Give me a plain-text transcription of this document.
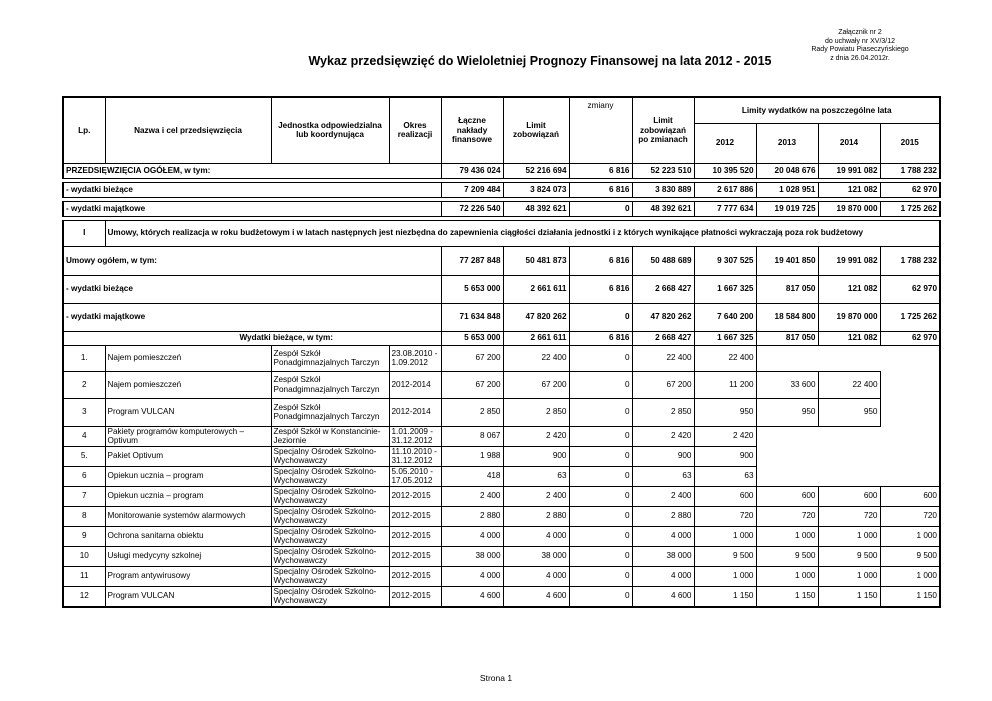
Załącznik nr 2
do uchwały nr XV/3/12
Rady Powiatu Piaseczyńskiego
z dnia 26.04.2012r.
Wykaz przedsięwzięć do Wieloletniej Prognozy Finansowej na lata 2012 - 2015
Lp.	Nazwa i cel przedsięwzięcia	Jednostka odpowiedzialna lub koordynująca	Okres realizacji	Łączne nakłady finansowe	Limit zobowiązań	zmiany	Limit zobowiązań po zmianach	Limity wydatków na poszczególne lata			
								2012	2013	2014	2015
PRZEDSIĘWZIĘCIA OGÓŁEM, w tym:				79 436 024	52 216 694	6 816	52 223 510	10 395 520	20 048 676	19 991 082	1 788 232

- wydatki bieżące				7 209 484	3 824 073	6 816	3 830 889	2 617 886	1 028 951	121 082	62 970

- wydatki majątkowe				72 226 540	48 392 621	0	48 392 621	7 777 634	19 019 725	19 870 000	1 725 262

I	Umowy, których realizacja w roku budżetowym i w latach następnych jest niezbędna do zapewnienia ciągłości działania jednostki i z których wynikające płatności wykraczają poza rok budżetowy										
Umowy ogółem, w tym:				77 287 848	50 481 873	6 816	50 488 689	9 307 525	19 401 850	19 991 082	1 788 232
- wydatki bieżące				5 653 000	2 661 611	6 816	2 668 427	1 667 325	817 050	121 082	62 970
- wydatki majątkowe				71 634 848	47 820 262	0	47 820 262	7 640 200	18 584 800	19 870 000	1 725 262
Wydatki bieżące, w tym:				5 653 000	2 661 611	6 816	2 668 427	1 667 325	817 050	121 082	62 970
1.	Najem pomieszczeń	Zespół Szkół Ponadgimnazjalnych Tarczyn	23.08.2010 - 1.09.2012	67 200	22 400	0	22 400	22 400			
2	Najem pomieszczeń	Zespół Szkół Ponadgimnazjalnych Tarczyn	2012-2014	67 200	67 200	0	67 200	11 200	33 600	22 400	
3	Program VULCAN	Zespół Szkół Ponadgimnazjalnych Tarczyn	2012-2014	2 850	2 850	0	2 850	950	950	950	
4	Pakiety programów komputerowych – Optivum	Zespół Szkół w Konstancinie-Jeziornie	1.01.2009 - 31.12.2012	8 067	2 420	0	2 420	2 420			
5.	Pakiet Optivum	Specjalny Ośrodek Szkolno-Wychowawczy	11.10.2010 - 31.12.2012	1 988	900	0	900	900			
6	Opiekun ucznia – program	Specjalny Ośrodek Szkolno-Wychowawczy	5.05.2010 - 17.05.2012	418	63	0	63	63			
7	Opiekun ucznia – program	Specjalny Ośrodek Szkolno-Wychowawczy	2012-2015	2 400	2 400	0	2 400	600	600	600	600
8	Monitorowanie systemów alarmowych	Specjalny Ośrodek Szkolno-Wychowawczy	2012-2015	2 880	2 880	0	2 880	720	720	720	720
9	Ochrona sanitarna obiektu	Specjalny Ośrodek Szkolno-Wychowawczy	2012-2015	4 000	4 000	0	4 000	1 000	1 000	1 000	1 000
10	Usługi medycyny szkolnej	Specjalny Ośrodek Szkolno-Wychowawczy	2012-2015	38 000	38 000	0	38 000	9 500	9 500	9 500	9 500
11	Program antywirusowy	Specjalny Ośrodek Szkolno-Wychowawczy	2012-2015	4 000	4 000	0	4 000	1 000	1 000	1 000	1 000
12	Program VULCAN	Specjalny Ośrodek Szkolno-Wychowawczy	2012-2015	4 600	4 600	0	4 600	1 150	1 150	1 150	1 150
Strona 1
